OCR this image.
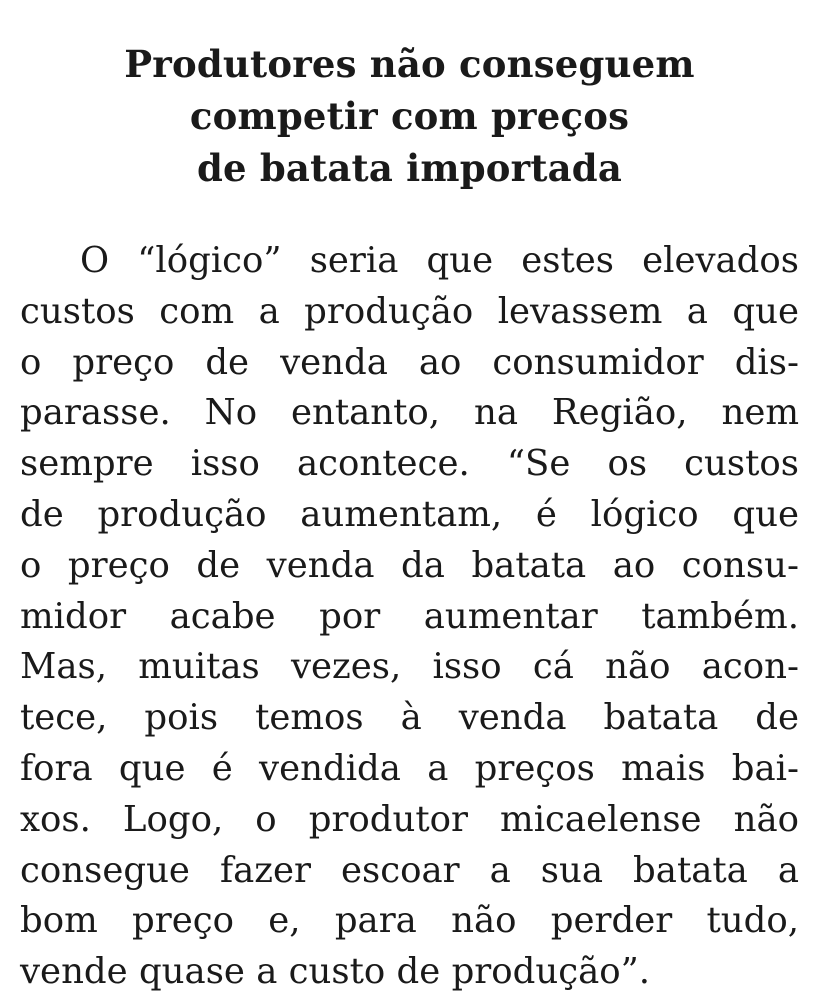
Produtores não conseguem
competir com preços
de batata importada

O “lógico” seria que estes elevados
custos com a produção levassem a que
o preço de venda ao consumidor dis-
parasse. No entanto, na Região, nem
sempre isso acontece. “Se os custos
de produção aumentam, é lógico que
o preço de venda da batata ao consu-
midor acabe por aumentar também.
Mas, muitas vezes, isso cá não acon-
tece, pois temos à venda batata de
fora que é vendida a preços mais bai-
xos. Logo, o produtor micaelense não
consegue fazer escoar a sua batata a
bom preço e, para não perder tudo,
vende quase a custo de produção”.
